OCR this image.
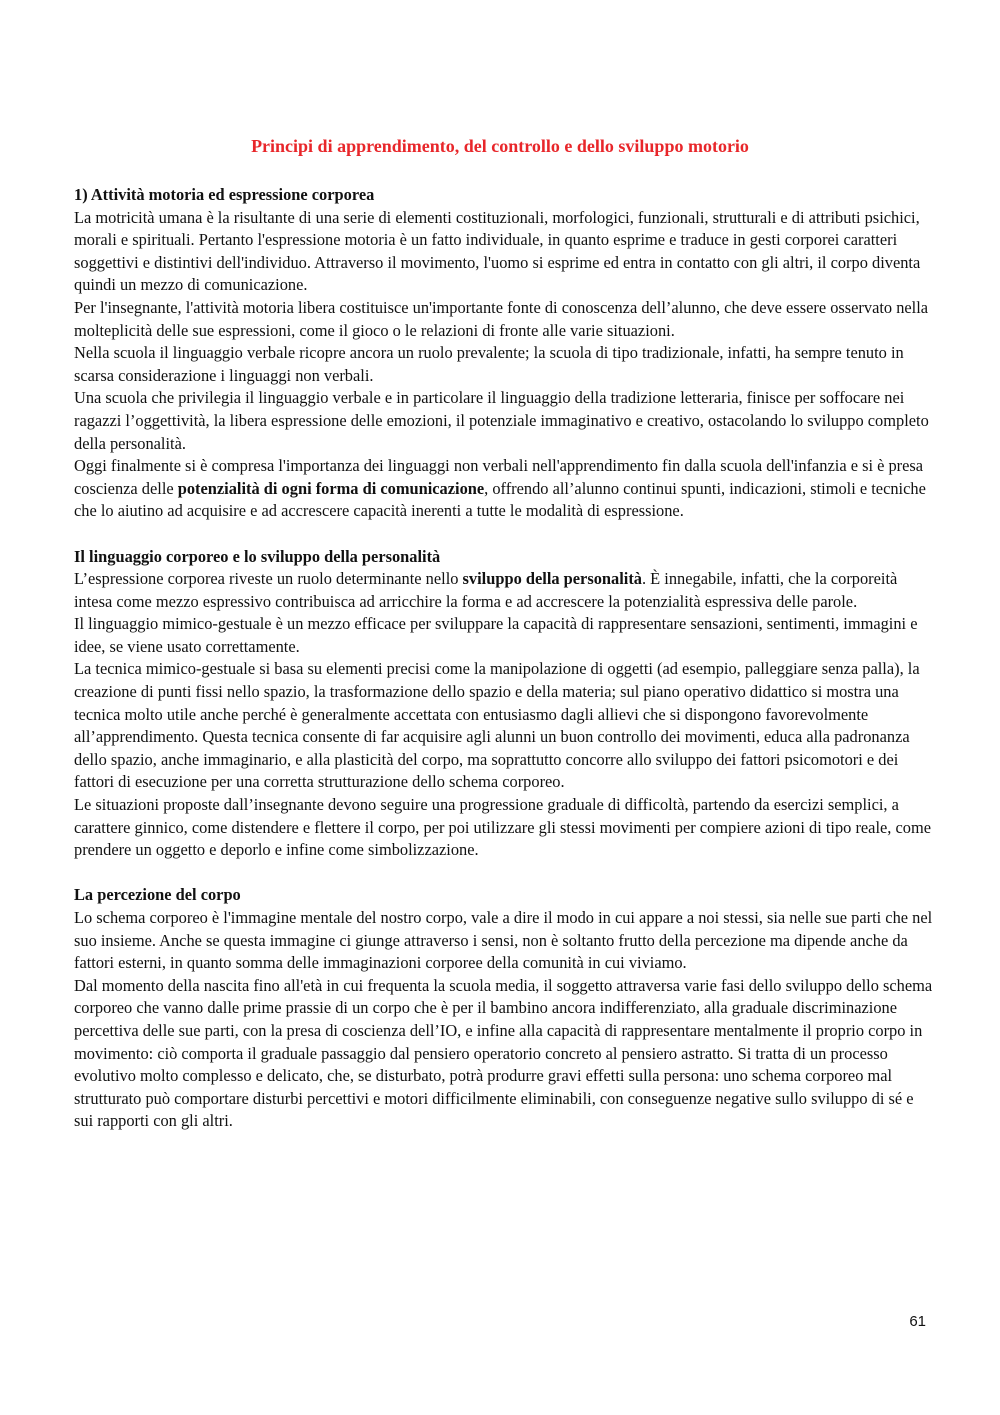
Principi di apprendimento, del controllo e dello sviluppo motorio
1) Attività motoria ed espressione corporea

La motricità umana è la risultante di una serie di elementi costituzionali, morfologici, funzionali, strutturali e di attributi psichici, morali e spirituali. Pertanto l'espressione motoria è un fatto individuale, in quanto esprime e traduce in gesti corporei caratteri soggettivi e distintivi dell'individuo. Attraverso il movimento, l'uomo si esprime ed entra in contatto con gli altri, il corpo diventa quindi un mezzo di comunicazione.

Per l'insegnante, l'attività motoria libera costituisce un'importante fonte di conoscenza dell’alunno, che deve essere osservato nella molteplicità delle sue espressioni, come il gioco o le relazioni di fronte alle varie situazioni.

Nella scuola il linguaggio verbale ricopre ancora un ruolo prevalente; la scuola di tipo tradizionale, infatti, ha sempre tenuto in scarsa considerazione i linguaggi non verbali.

Una scuola che privilegia il linguaggio verbale e in particolare il linguaggio della tradizione letteraria, finisce per soffocare nei ragazzi l’oggettività, la libera espressione delle emozioni, il potenziale immaginativo e creativo, ostacolando lo sviluppo completo della personalità.

Oggi finalmente si è compresa l'importanza dei linguaggi non verbali nell'apprendimento fin dalla scuola dell'infanzia e si è presa coscienza delle potenzialità di ogni forma di comunicazione, offrendo all’alunno continui spunti, indicazioni, stimoli e tecniche che lo aiutino ad acquisire e ad accrescere capacità inerenti a tutte le modalità di espressione.

Il linguaggio corporeo e lo sviluppo della personalità

L’espressione corporea riveste un ruolo determinante nello sviluppo della personalità. È innegabile, infatti, che la corporeità intesa come mezzo espressivo contribuisca ad arricchire la forma e ad accrescere la potenzialità espressiva delle parole.

Il linguaggio mimico-gestuale è un mezzo efficace per sviluppare la capacità di rappresentare sensazioni, sentimenti, immagini e idee, se viene usato correttamente.

La tecnica mimico-gestuale si basa su elementi precisi come la manipolazione di oggetti (ad esempio, palleggiare senza palla), la creazione di punti fissi nello spazio, la trasformazione dello spazio e della materia; sul piano operativo didattico si mostra una tecnica molto utile anche perché è generalmente accettata con entusiasmo dagli allievi che si dispongono favorevolmente all’apprendimento. Questa tecnica consente di far acquisire agli alunni un buon controllo dei movimenti, educa alla padronanza dello spazio, anche immaginario, e alla plasticità del corpo, ma soprattutto concorre allo sviluppo dei fattori psicomotori e dei fattori di esecuzione per una corretta strutturazione dello schema corporeo.

Le situazioni proposte dall’insegnante devono seguire una progressione graduale di difficoltà, partendo da esercizi semplici, a carattere ginnico, come distendere e flettere il corpo, per poi utilizzare gli stessi movimenti per compiere azioni di tipo reale, come prendere un oggetto e deporlo e infine come simbolizzazione.

La percezione del corpo

Lo schema corporeo è l'immagine mentale del nostro corpo, vale a dire il modo in cui appare a noi stessi, sia nelle sue parti che nel suo insieme. Anche se questa immagine ci giunge attraverso i sensi, non è soltanto frutto della percezione ma dipende anche da fattori esterni, in quanto somma delle immaginazioni corporee della comunità in cui viviamo.

Dal momento della nascita fino all'età in cui frequenta la scuola media, il soggetto attraversa varie fasi dello sviluppo dello schema corporeo che vanno dalle prime prassie di un corpo che è per il bambino ancora indifferenziato, alla graduale discriminazione percettiva delle sue parti, con la presa di coscienza dell’IO, e infine alla capacità di rappresentare mentalmente il proprio corpo in movimento: ciò comporta il graduale passaggio dal pensiero operatorio concreto al pensiero astratto. Si tratta di un processo evolutivo molto complesso e delicato, che, se disturbato, potrà produrre gravi effetti sulla persona: uno schema corporeo mal strutturato può comportare disturbi percettivi e motori difficilmente eliminabili, con conseguenze negative sullo sviluppo di sé e sui rapporti con gli altri.

61
